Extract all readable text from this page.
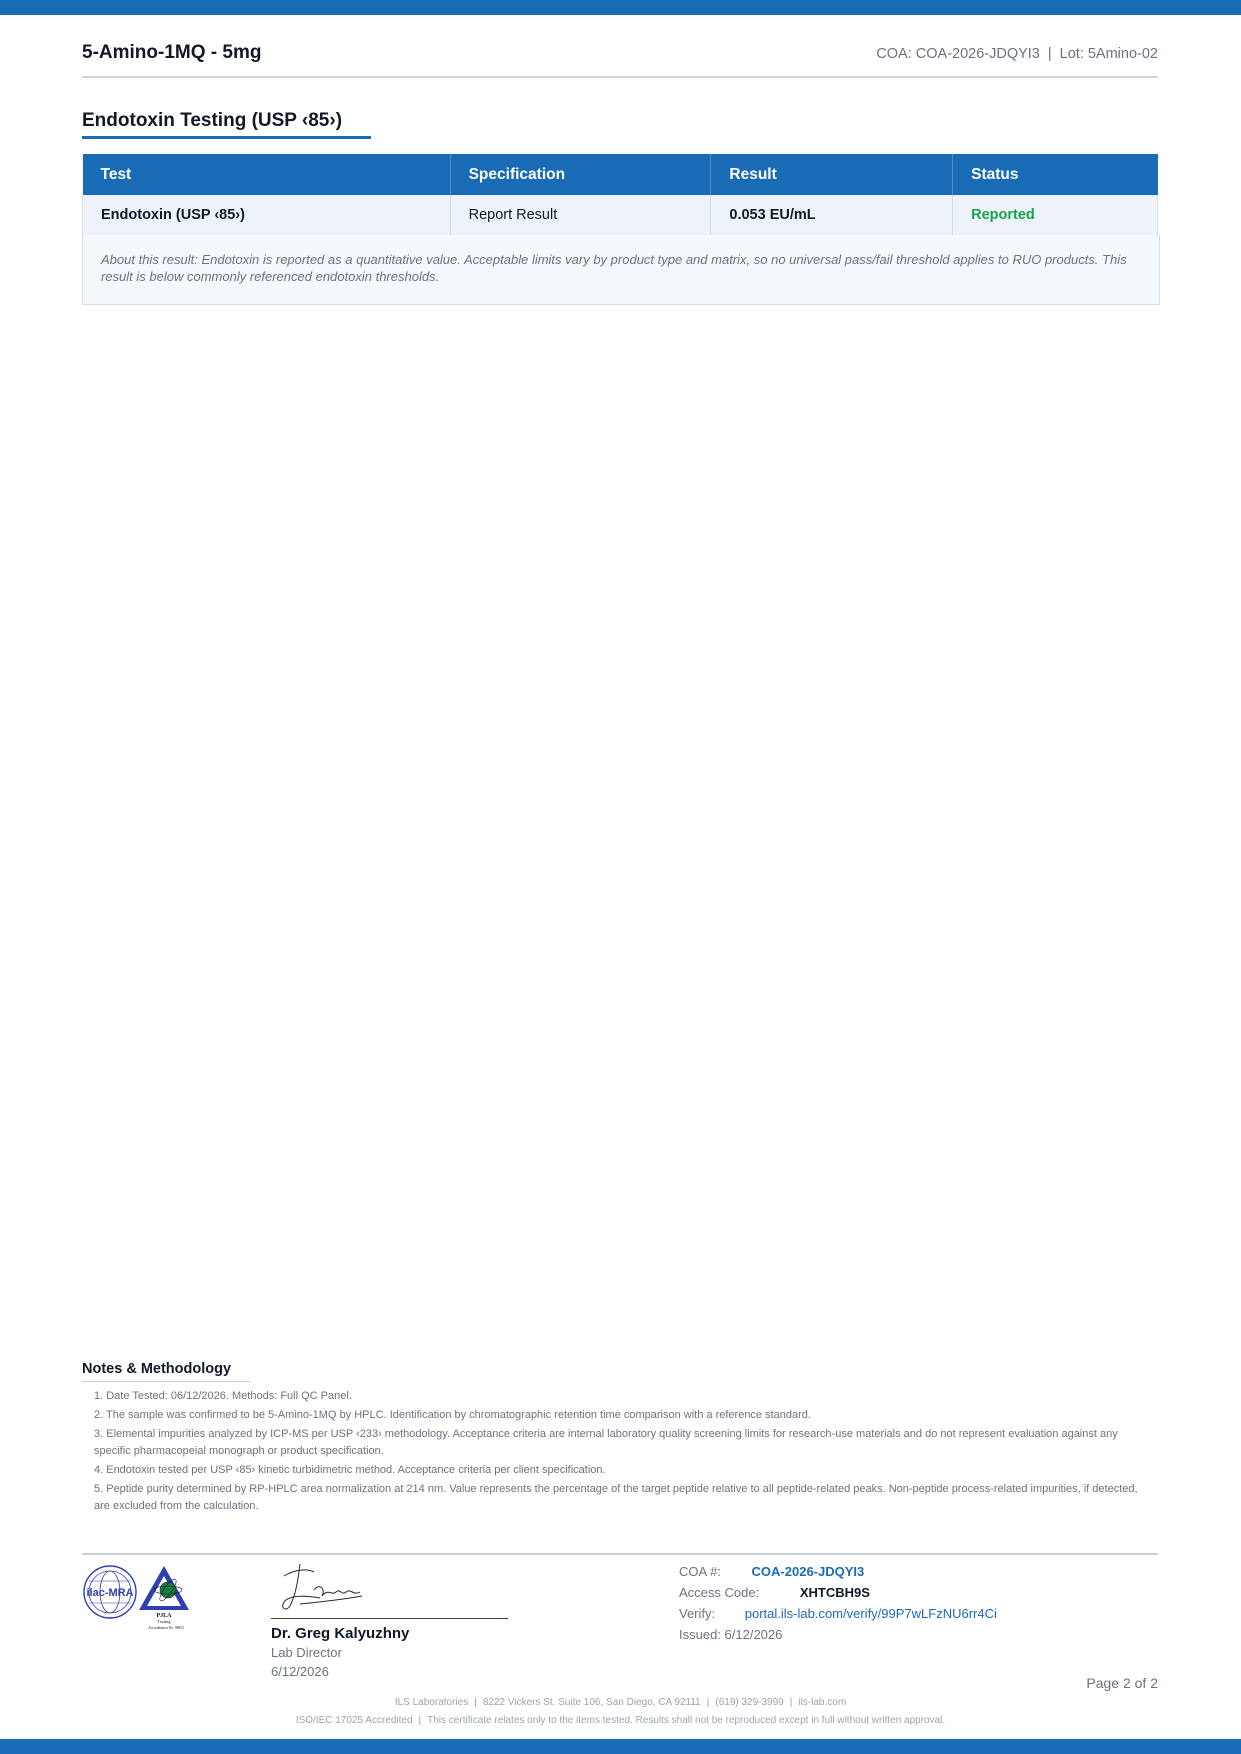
5-Amino-1MQ - 5mg	COA: COA-2026-JDQYI3 | Lot: 5Amino-02
Endotoxin Testing (USP ‹85›)
Test	Specification	Result	Status
Endotoxin (USP ‹85›)	Report Result	0.053 EU/mL	Reported
About this result: Endotoxin is reported as a quantitative value. Acceptable limits vary by product type and matrix, so no universal pass/fail threshold applies to RUO products. This result is below commonly referenced endotoxin thresholds.
Notes & Methodology
1. Date Tested: 06/12/2026. Methods: Full QC Panel.
2. The sample was confirmed to be 5-Amino-1MQ by HPLC. Identification by chromatographic retention time comparison with a reference standard.
3. Elemental impurities analyzed by ICP-MS per USP ‹233› methodology. Acceptance criteria are internal laboratory quality screening limits for research-use materials and do not represent evaluation against any specific pharmacopeial monograph or product specification.
4. Endotoxin tested per USP ‹85› kinetic turbidimetric method. Acceptance criteria per client specification.
5. Peptide purity determined by RP-HPLC area normalization at 214 nm. Value represents the percentage of the target peptide relative to all peptide-related peaks. Non-peptide process-related impurities, if detected, are excluded from the calculation.
ilac-MRA
PJLA
Testing
Accreditation No. 99823	Dr. Greg Kalyuzhny
Lab Director
6/12/2026
COA #: COA-2026-JDQYI3
Access Code:	XHTCBH9S
Verify: portal.ils-lab.com/verify/99P7wLFzNU6rr4Ci
Issued: 6/12/2026
Page 2 of 2
ILS Laboratories | 8222 Vickers St. Suite 106, San Diego, CA 92111 | (619) 329-3999 | ils-lab.com
ISO/IEC 17025 Accredited | This certificate relates only to the items tested. Results shall not be reproduced except in full without written approval.
